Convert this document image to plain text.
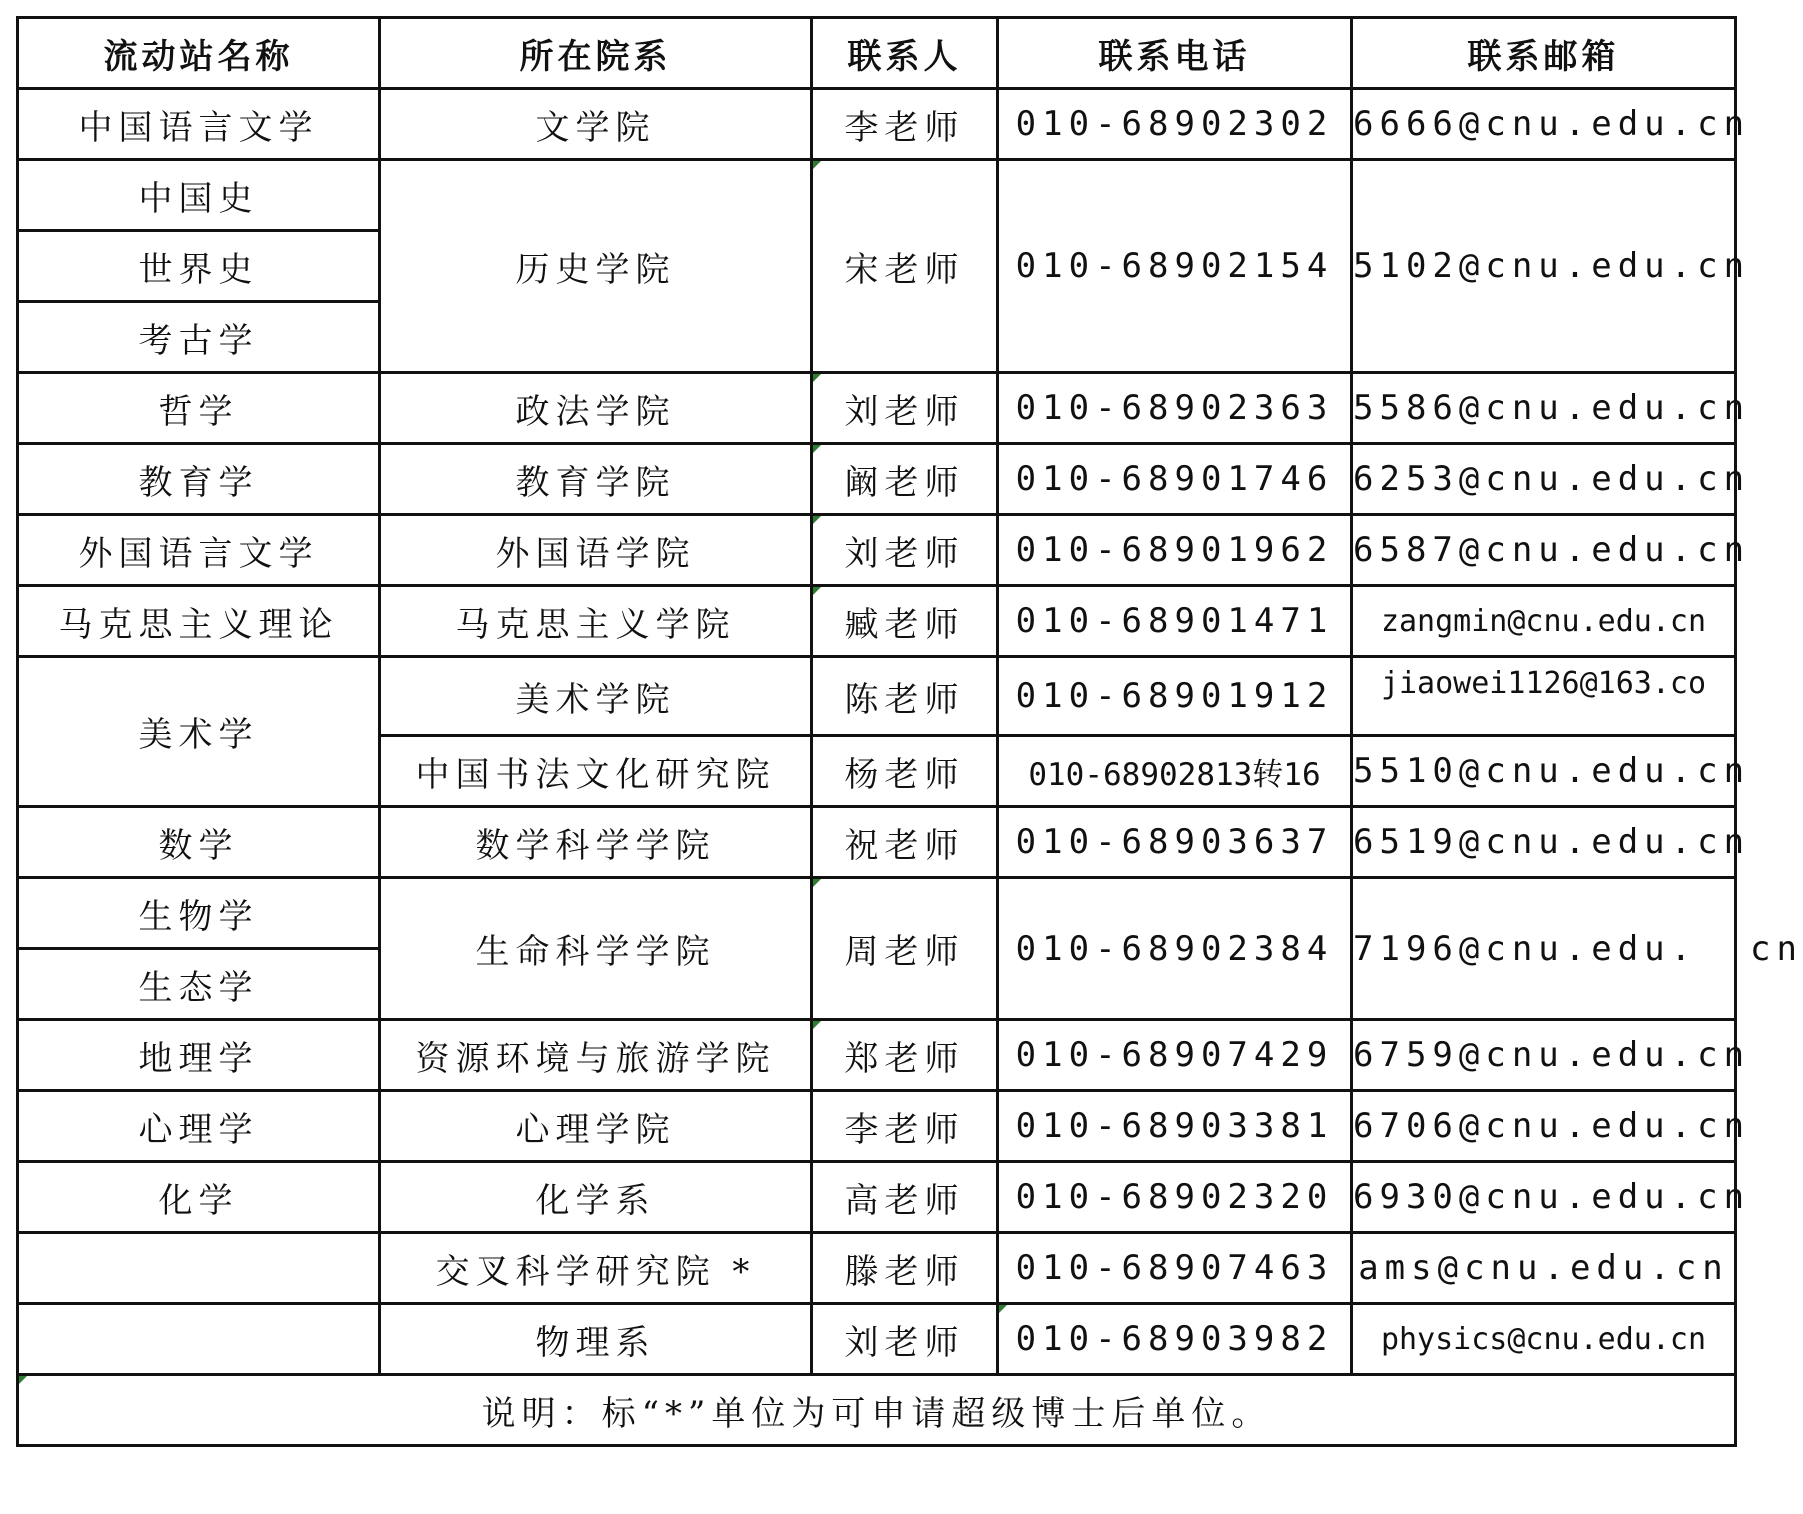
流动站名称	所在院系	联系人	联系电话	联系邮箱
中国语言文学	文学院	李老师	010-68902302	6666@cnu.edu.cn
中国史	历史学院	宋老师	010-68902154	5102@cnu.edu.cn
世界史				
考古学				
哲学	政法学院	刘老师	010-68902363	5586@cnu.edu.cn
教育学	教育学院	阚老师	010-68901746	6253@cnu.edu.cn
外国语言文学	外国语学院	刘老师	010-68901962	6587@cnu.edu.cn
马克思主义理论	马克思主义学院	臧老师	010-68901471	zangmin@cnu.edu.cn
美术学	美术学院	陈老师	010-68901912	jiaowei1126@163.co
	中国书法文化研究院	杨老师	010-68902813转16	5510@cnu.edu.cn
数学	数学科学学院	祝老师	010-68903637	6519@cnu.edu.cn
生物学	生命科学学院	周老师	010-68902384	7196@cnu.edu.  cn
生态学				
地理学	资源环境与旅游学院	郑老师	010-68907429	6759@cnu.edu.cn
心理学	心理学院	李老师	010-68903381	6706@cnu.edu.cn
化学	化学系	高老师	010-68902320	6930@cnu.edu.cn
	交叉科学研究院 *	滕老师	010-68907463	ams@cnu.edu.cn
	物理系	刘老师	010-68903982	physics@cnu.edu.cn
说明：标“*”单位为可申请超级博士后单位。				
